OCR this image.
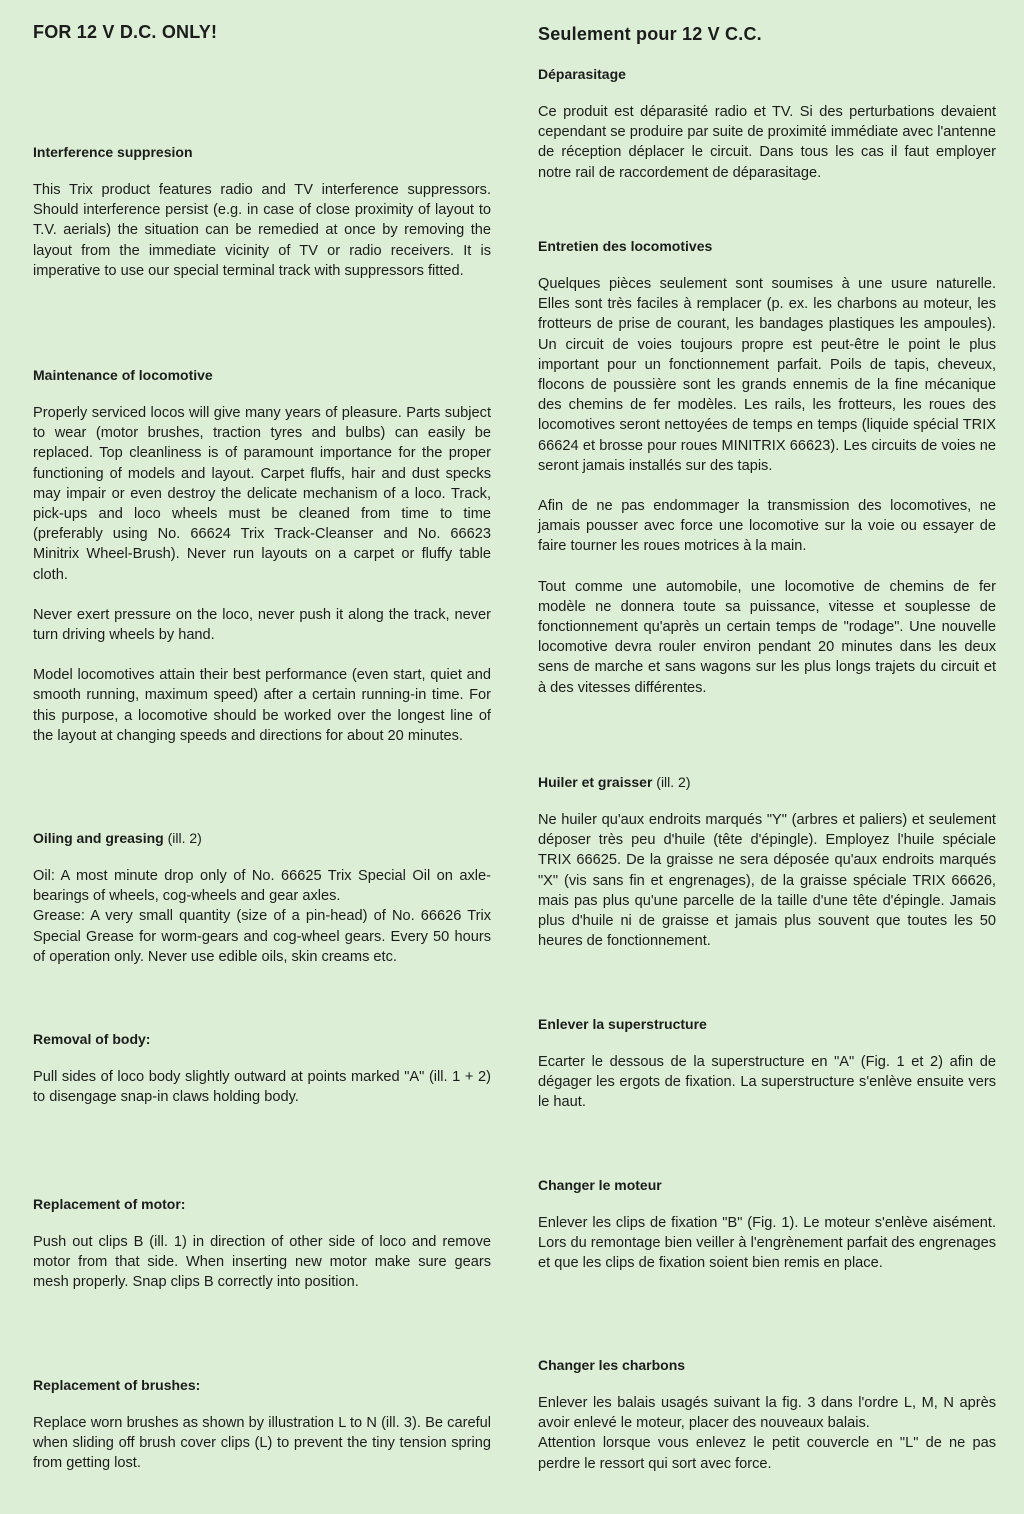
FOR 12 V D.C. ONLY!
Interference suppresion

This Trix product features radio and TV interference suppressors. Should interference persist (e.g. in case of close proximity of layout to T.V. aerials) the situation can be remedied at once by removing the layout from the immediate vicinity of TV or radio receivers. It is imperative to use our special terminal track with suppressors fitted.

Maintenance of locomotive

Properly serviced locos will give many years of pleasure. Parts subject to wear (motor brushes, traction tyres and bulbs) can easily be replaced. Top cleanliness is of paramount importance for the proper functioning of models and layout. Carpet fluffs, hair and dust specks may impair or even destroy the delicate mechanism of a loco. Track, pick-ups and loco wheels must be cleaned from time to time (preferably using No. 66624 Trix Track-Cleanser and No. 66623 Minitrix Wheel-Brush). Never run layouts on a carpet or fluffy table cloth.

Never exert pressure on the loco, never push it along the track, never turn driving wheels by hand.

Model locomotives attain their best performance (even start, quiet and smooth running, maximum speed) after a certain running-in time. For this purpose, a locomotive should be worked over the longest line of the layout at changing speeds and directions for about 20 minutes.

Oiling and greasing (ill. 2)

Oil: A most minute drop only of No. 66625 Trix Special Oil on axle-bearings of wheels, cog-wheels and gear axles.

Grease: A very small quantity (size of a pin-head) of No. 66626 Trix Special Grease for worm-gears and cog-wheel gears. Every 50 hours of operation only. Never use edible oils, skin creams etc.

Removal of body:

Pull sides of loco body slightly outward at points marked "A" (ill. 1 + 2) to disengage snap-in claws holding body.

Replacement of motor:

Push out clips B (ill. 1) in direction of other side of loco and remove motor from that side. When inserting new motor make sure gears mesh properly. Snap clips B correctly into position.

Replacement of brushes:

Replace worn brushes as shown by illustration L to N (ill. 3). Be careful when sliding off brush cover clips (L) to prevent the tiny tension spring from getting lost.

Seulement pour 12 V C.C.
Déparasitage

Ce produit est déparasité radio et TV. Si des perturbations devaient cependant se produire par suite de proximité immédiate avec l'antenne de réception déplacer le circuit. Dans tous les cas il faut employer notre rail de raccordement de déparasitage.

Entretien des locomotives

Quelques pièces seulement sont soumises à une usure naturelle. Elles sont très faciles à remplacer (p. ex. les charbons au moteur, les frotteurs de prise de courant, les bandages plastiques les ampoules). Un circuit de voies toujours propre est peut-être le point le plus important pour un fonctionnement parfait. Poils de tapis, cheveux, flocons de poussière sont les grands ennemis de la fine mécanique des chemins de fer modèles. Les rails, les frotteurs, les roues des locomotives seront nettoyées de temps en temps (liquide spécial TRIX 66624 et brosse pour roues MINITRIX 66623). Les circuits de voies ne seront jamais installés sur des tapis.

Afin de ne pas endommager la transmission des locomotives, ne jamais pousser avec force une locomotive sur la voie ou essayer de faire tourner les roues motrices à la main.

Tout comme une automobile, une locomotive de chemins de fer modèle ne donnera toute sa puissance, vitesse et souplesse de fonctionnement qu'après un certain temps de "rodage". Une nouvelle locomotive devra rouler environ pendant 20 minutes dans les deux sens de marche et sans wagons sur les plus longs trajets du circuit et à des vitesses différentes.

Huiler et graisser (ill. 2)

Ne huiler qu'aux endroits marqués "Y" (arbres et paliers) et seulement déposer très peu d'huile (tête d'épingle). Employez l'huile spéciale TRIX 66625. De la graisse ne sera déposée qu'aux endroits marqués "X" (vis sans fin et engrenages), de la graisse spéciale TRIX 66626, mais pas plus qu'une parcelle de la taille d'une tête d'épingle. Jamais plus d'huile ni de graisse et jamais plus souvent que toutes les 50 heures de fonctionnement.

Enlever la superstructure

Ecarter le dessous de la superstructure en "A" (Fig. 1 et 2) afin de dégager les ergots de fixation. La superstructure s'enlève ensuite vers le haut.

Changer le moteur

Enlever les clips de fixation "B" (Fig. 1). Le moteur s'enlève aisément. Lors du remontage bien veiller à l'engrènement parfait des engrenages et que les clips de fixation soient bien remis en place.

Changer les charbons

Enlever les balais usagés suivant la fig. 3 dans l'ordre L, M, N après avoir enlevé le moteur, placer des nouveaux balais.

Attention lorsque vous enlevez le petit couvercle en "L" de ne pas perdre le ressort qui sort avec force.
